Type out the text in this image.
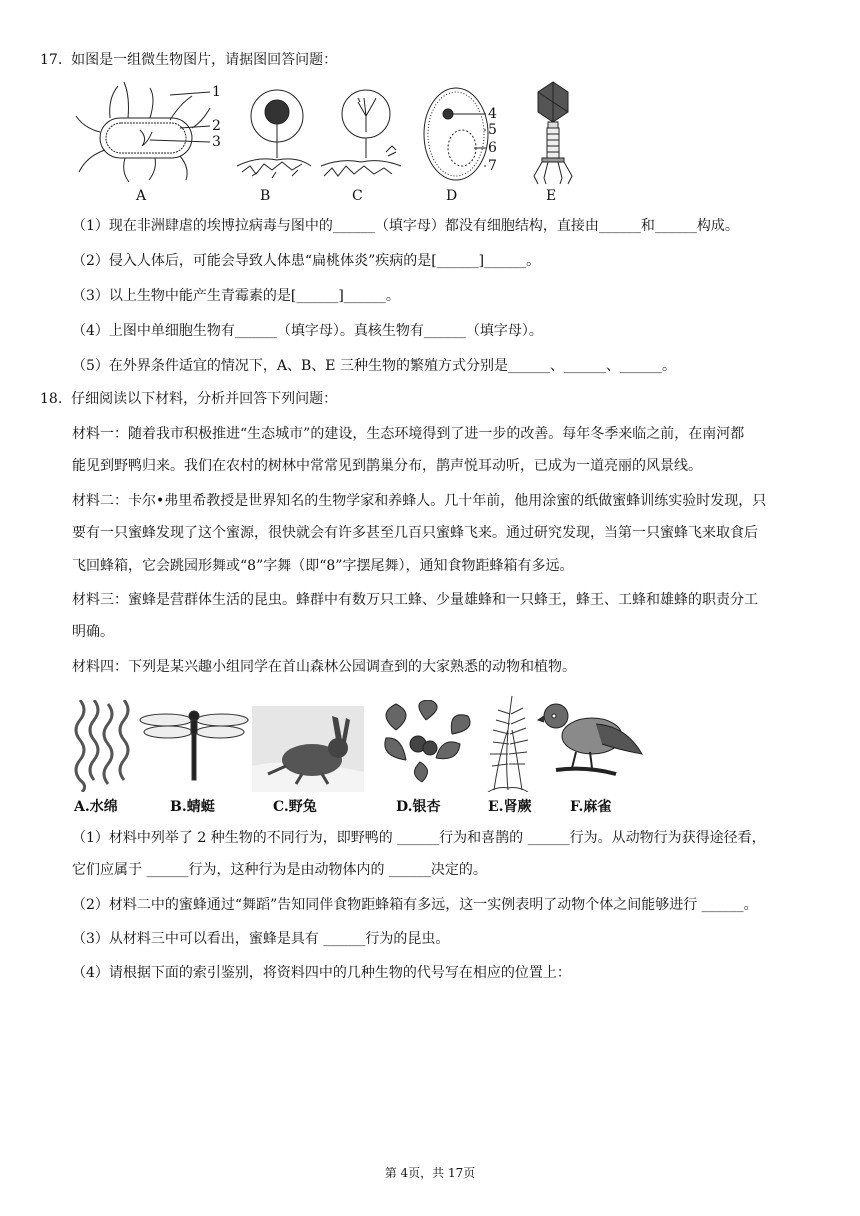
17. 如图是一组微生物图片，请据图回答问题：
1
2
3
4
5
6
7
A	B	C	D	E
（1）现在非洲肆虐的埃博拉病毒与图中的______（填字母）都没有细胞结构，直接由______和______构成。
（2）侵入人体后，可能会导致人体患“扁桃体炎”疾病的是[______]______。
（3）以上生物中能产生青霉素的是[______]______。
（4）上图中单细胞生物有______（填字母）。真核生物有______（填字母）。
（5）在外界条件适宜的情况下，A、B、E 三种生物的繁殖方式分别是______、______、______。
18. 仔细阅读以下材料，分析并回答下列问题：
材料一：随着我市积极推进“生态城市”的建设，生态环境得到了进一步的改善。每年冬季来临之前，在南河都
能见到野鸭归来。我们在农村的树林中常常见到鹊巢分布，鹊声悦耳动听，已成为一道亮丽的风景线。
材料二：卡尔•弗里希教授是世界知名的生物学家和养蜂人。几十年前，他用涂蜜的纸做蜜蜂训练实验时发现，只
要有一只蜜蜂发现了这个蜜源，很快就会有许多甚至几百只蜜蜂飞来。通过研究发现，当第一只蜜蜂飞来取食后
飞回蜂箱，它会跳园形舞或“8”字舞（即“8”字摆尾舞），通知食物距蜂箱有多远。
材料三：蜜蜂是营群体生活的昆虫。蜂群中有数万只工蜂、少量雄蜂和一只蜂王，蜂王、工蜂和雄蜂的职责分工
明确。
材料四：下列是某兴趣小组同学在首山森林公园调查到的大家熟悉的动物和植物。
A.水绵	B.蜻蜓	C.野兔	D.银杏	E.肾蕨	F.麻雀
（1）材料中列举了 2 种生物的不同行为，即野鸭的 ______行为和喜鹊的 ______行为。从动物行为获得途径看，
它们应属于 ______行为，这种行为是由动物体内的 ______决定的。
（2）材料二中的蜜蜂通过“舞蹈”告知同伴食物距蜂箱有多远，这一实例表明了动物个体之间能够进行 ______。
（3）从材料三中可以看出，蜜蜂是具有 ______行为的昆虫。
（4）请根据下面的索引鉴别，将资料四中的几种生物的代号写在相应的位置上：
第 4页，共 17页
